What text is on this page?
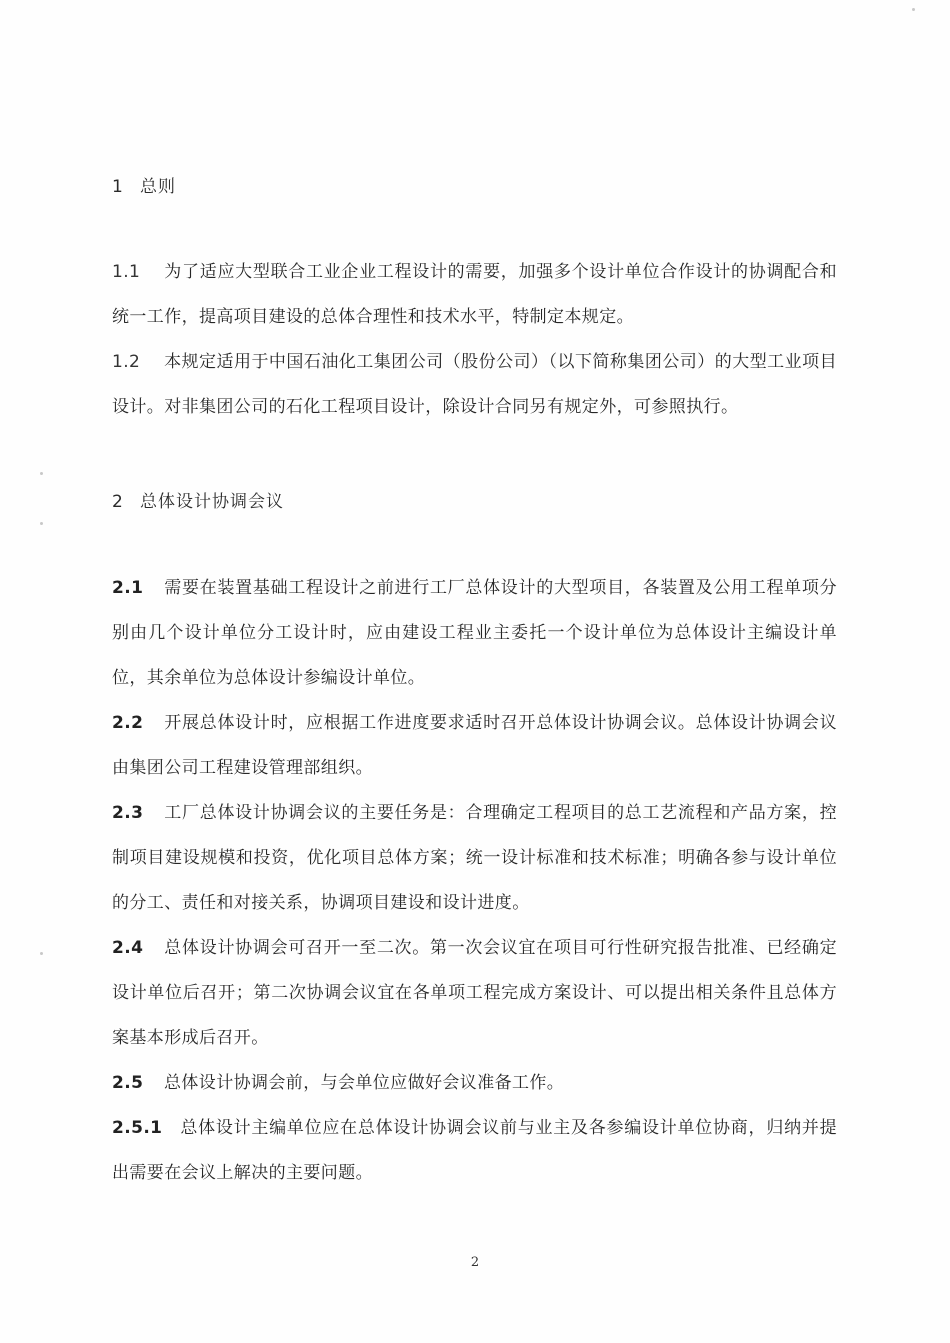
1 总则
1.1 为了适应大型联合工业企业工程设计的需要，加强多个设计单位合作设计的协调配合和统一工作，提高项目建设的总体合理性和技术水平，特制定本规定。
1.2 本规定适用于中国石油化工集团公司（股份公司）（以下简称集团公司）的大型工业项目设计。对非集团公司的石化工程项目设计，除设计合同另有规定外，可参照执行。
2 总体设计协调会议
2.1 需要在装置基础工程设计之前进行工厂总体设计的大型项目，各装置及公用工程单项分别由几个设计单位分工设计时，应由建设工程业主委托一个设计单位为总体设计主编设计单位，其余单位为总体设计参编设计单位。
2.2 开展总体设计时，应根据工作进度要求适时召开总体设计协调会议。总体设计协调会议由集团公司工程建设管理部组织。
2.3 工厂总体设计协调会议的主要任务是：合理确定工程项目的总工艺流程和产品方案，控制项目建设规模和投资，优化项目总体方案；统一设计标准和技术标准；明确各参与设计单位的分工、责任和对接关系，协调项目建设和设计进度。
2.4 总体设计协调会可召开一至二次。第一次会议宜在项目可行性研究报告批准、已经确定设计单位后召开；第二次协调会议宜在各单项工程完成方案设计、可以提出相关条件且总体方案基本形成后召开。
2.5 总体设计协调会前，与会单位应做好会议准备工作。
2.5.1 总体设计主编单位应在总体设计协调会议前与业主及各参编设计单位协商，归纳并提出需要在会议上解决的主要问题。
2
